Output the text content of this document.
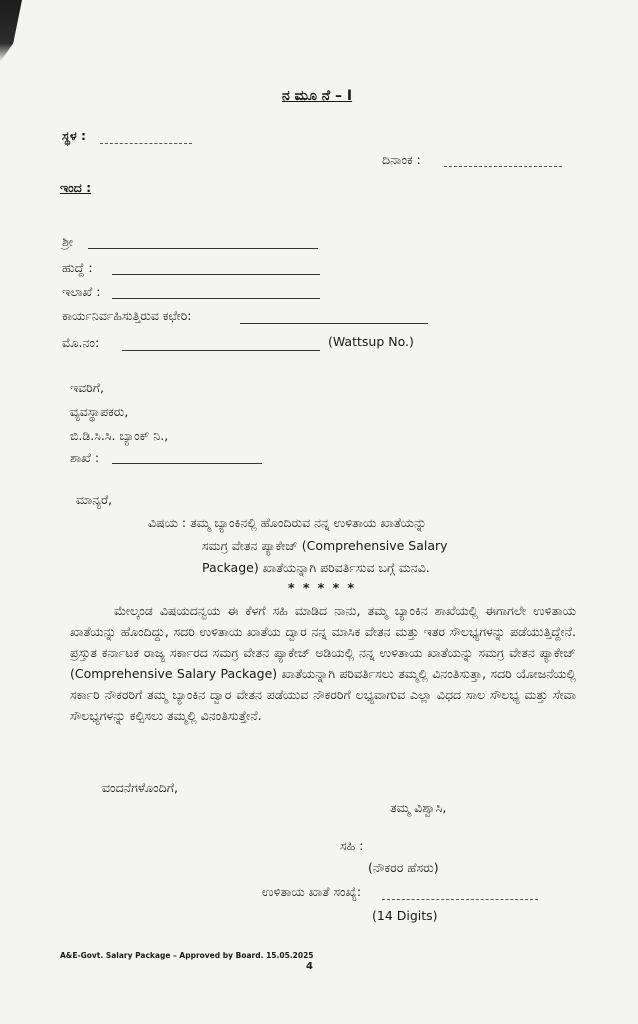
ನ ಮೂ ನೆ – I
ಸ್ಥಳ :
ದಿನಾಂಕ :
ಇಂದ :
ಶ್ರೀ
ಹುದ್ದೆ :
ಇಲಾಖೆ :
ಕಾರ್ಯನಿರ್ವಹಿಸುತ್ತಿರುವ ಕಛೇರಿ:
ಮೊ.ನಂ:	(Wattsup No.)
ಇವರಿಗೆ,
ವ್ಯವಸ್ಥಾಪಕರು,
ಬಿ.ಡಿ.ಸಿ.ಸಿ. ಬ್ಯಾಂಕ್ ನಿ.,
ಶಾಖೆ :
ಮಾನ್ಯರೆ,
ವಿಷಯ : ತಮ್ಮ ಬ್ಯಾಂಕಿನಲ್ಲಿ ಹೊಂದಿರುವ ನನ್ನ ಉಳಿತಾಯ ಖಾತೆಯನ್ನು
ಸಮಗ್ರ ವೇತನ ಪ್ಯಾಕೇಜ್ (Comprehensive Salary
Package) ಖಾತೆಯನ್ನಾಗಿ ಪರಿವರ್ತಿಸುವ ಬಗ್ಗೆ ಮನವಿ.
* * * * *
ಮೇಲ್ಕಂಡ ವಿಷಯದನ್ವಯ ಈ ಕೆಳಗೆ ಸಹಿ ಮಾಡಿದ ನಾನು, ತಮ್ಮ ಬ್ಯಾಂಕಿನ ಶಾಖೆಯಲ್ಲಿ ಈಗಾಗಲೇ ಉಳಿತಾಯ ಖಾತೆಯನ್ನು ಹೊಂದಿದ್ದು, ಸದರಿ ಉಳಿತಾಯ ಖಾತೆಯ ದ್ವಾರ ನನ್ನ ಮಾಸಿಕ ವೇತನ ಮತ್ತು ಇತರ ಸೌಲಭ್ಯಗಳನ್ನು ಪಡೆಯುತ್ತಿದ್ದೇನೆ. ಪ್ರಸ್ತುತ ಕರ್ನಾಟಕ ರಾಜ್ಯ ಸರ್ಕಾರದ ಸಮಗ್ರ ವೇತನ ಪ್ಯಾಕೇಜ್ ಅಡಿಯಲ್ಲಿ ನನ್ನ ಉಳಿತಾಯ ಖಾತೆಯನ್ನು ಸಮಗ್ರ ವೇತನ ಪ್ಯಾಕೇಜ್ (Comprehensive Salary Package) ಖಾತೆಯನ್ನಾಗಿ ಪರಿವರ್ತಿಸಲು ತಮ್ಮಲ್ಲಿ ವಿನಂತಿಸುತ್ತಾ, ಸದರಿ ಯೋಜನೆಯಲ್ಲಿ ಸರ್ಕಾರಿ ನೌಕರರಿಗೆ ತಮ್ಮ ಬ್ಯಾಂಕಿನ ದ್ವಾರ ವೇತನ ಪಡೆಯುವ ನೌಕರರಿಗೆ ಲಭ್ಯವಾಗುವ ಎಲ್ಲಾ ವಿಧದ ಸಾಲ ಸೌಲಭ್ಯ ಮತ್ತು ಸೇವಾ ಸೌಲಭ್ಯಗಳನ್ನು ಕಲ್ಪಿಸಲು ತಮ್ಮಲ್ಲಿ ವಿನಂತಿಸುತ್ತೇನೆ.
ವಂದನೆಗಳೊಂದಿಗೆ,
ತಮ್ಮ ವಿಶ್ವಾಸಿ,
ಸಹಿ :
(ನೌಕರರ ಹೆಸರು)
ಉಳಿತಾಯ ಖಾತೆ ಸಂಖ್ಯೆ:
(14 Digits)
A&E-Govt. Salary Package – Approved by Board. 15.05.2025
4
